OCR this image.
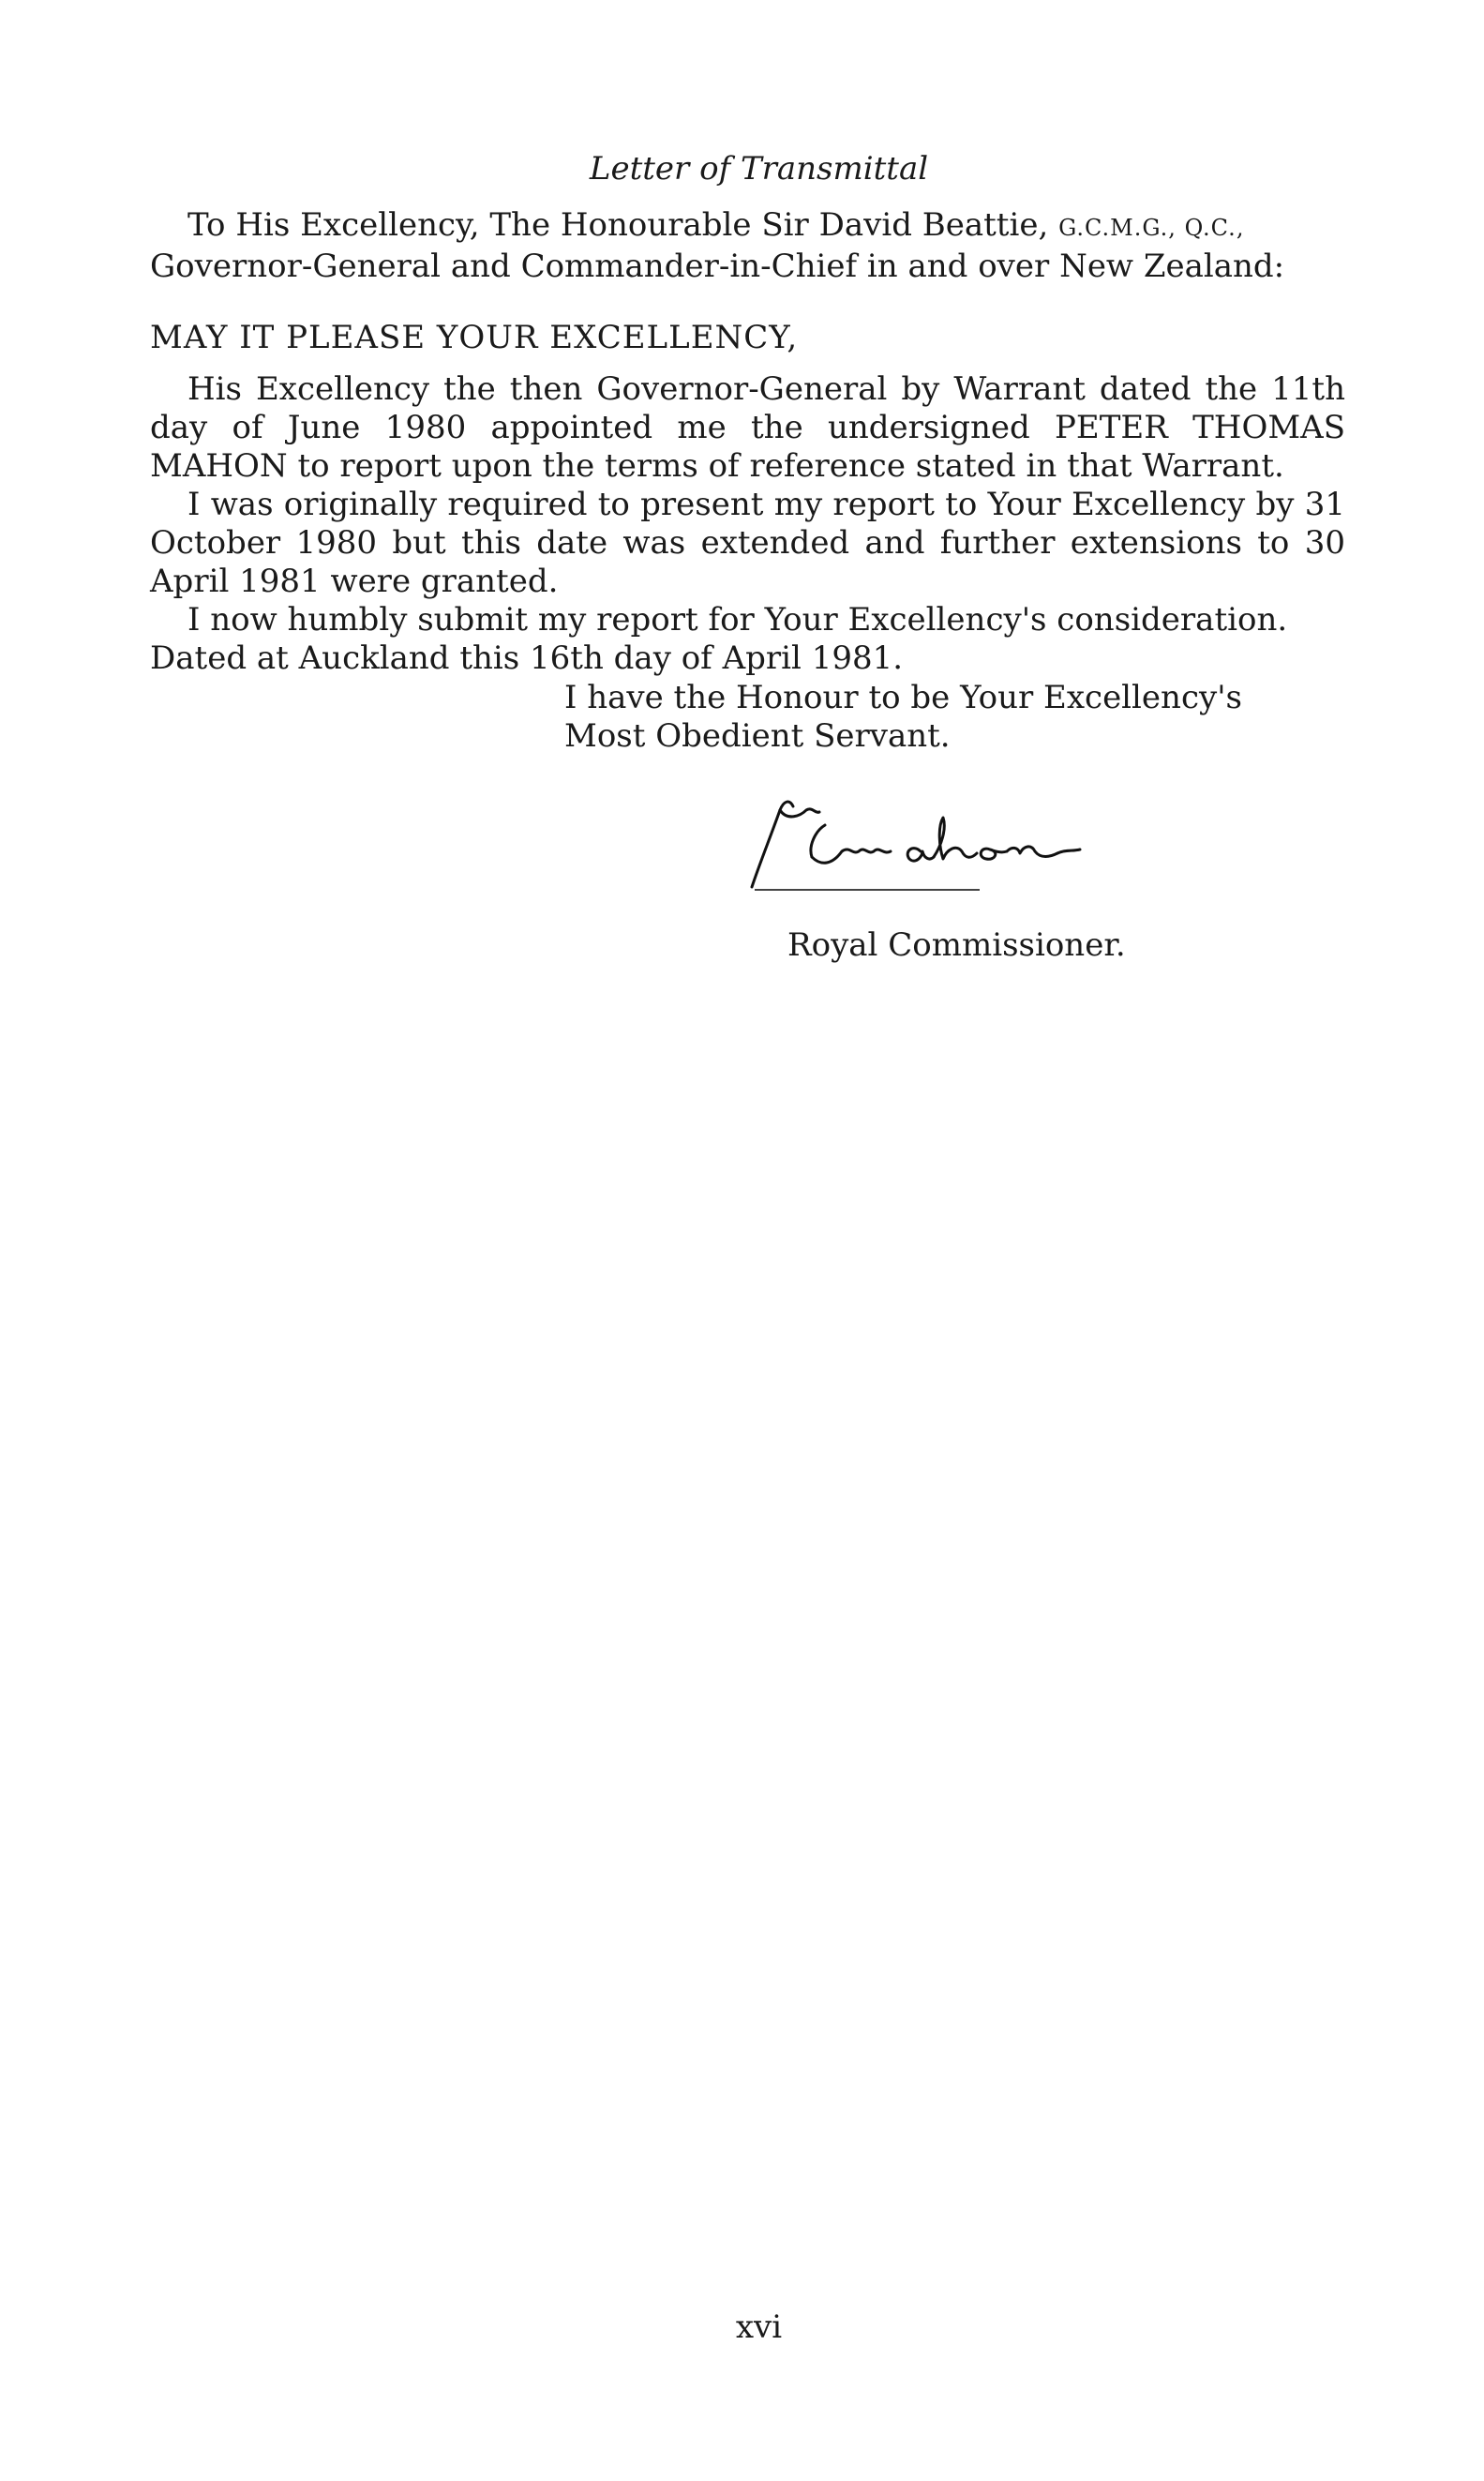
Letter of Transmittal
To His Excellency, The Honourable Sir David Beattie, G.C.M.G., Q.C.,
Governor-General and Commander-in-Chief in and over New Zealand:
MAY IT PLEASE YOUR EXCELLENCY,
His Excellency the then Governor-General by Warrant dated the 11th
day of June 1980 appointed me the undersigned PETER THOMAS
MAHON to report upon the terms of reference stated in that Warrant.
I was originally required to present my report to Your Excellency by 31
October 1980 but this date was extended and further extensions to 30
April 1981 were granted.
I now humbly submit my report for Your Excellency's consideration.
Dated at Auckland this 16th day of April 1981.
I have the Honour to be Your Excellency's
Most Obedient Servant.
Royal Commissioner.
xvi
